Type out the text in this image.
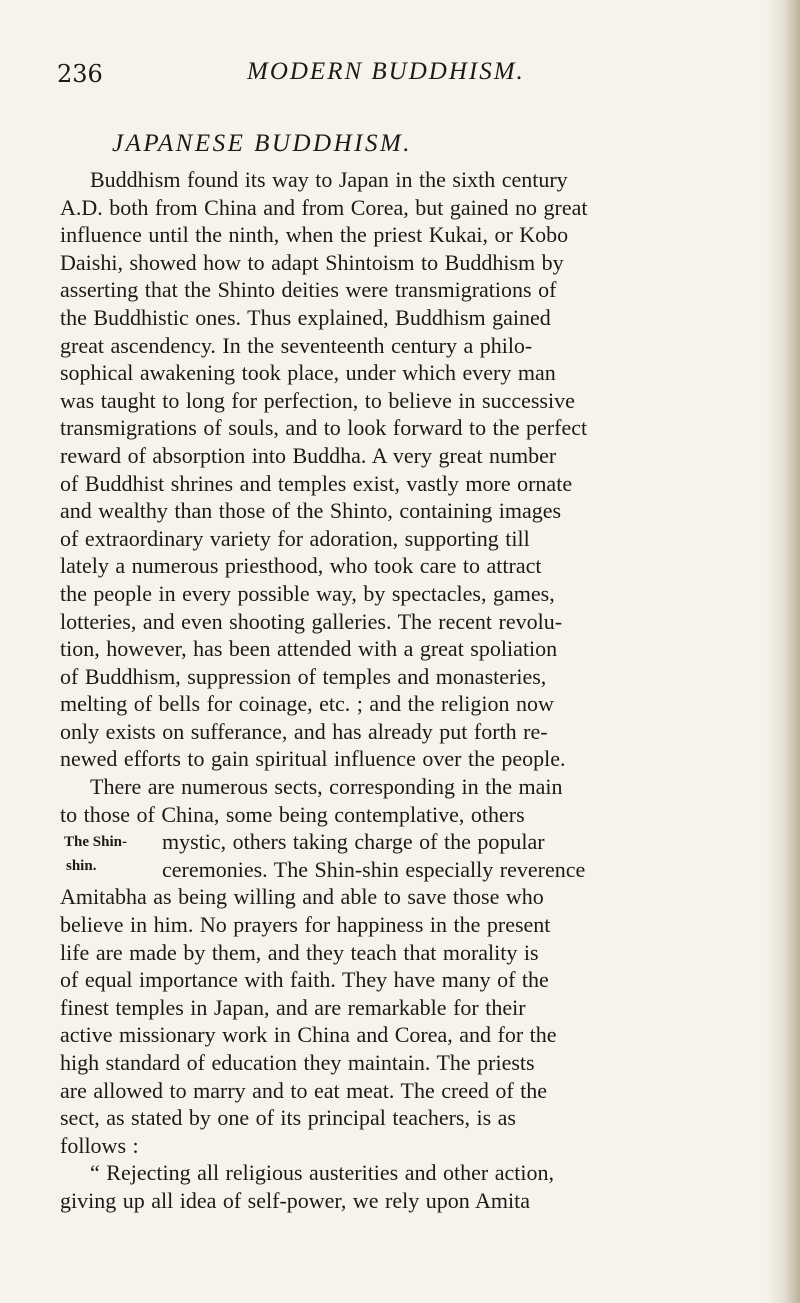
236	MODERN BUDDHISM.
JAPANESE BUDDHISM.
Buddhism found its way to Japan in the sixth century
A.D. both from China and from Corea, but gained no great
influence until the ninth, when the priest Kukai, or Kobo
Daishi, showed how to adapt Shintoism to Buddhism by
asserting that the Shinto deities were transmigrations of
the Buddhistic ones. Thus explained, Buddhism gained
great ascendency. In the seventeenth century a philo-
sophical awakening took place, under which every man
was taught to long for perfection, to believe in successive
transmigrations of souls, and to look forward to the perfect
reward of absorption into Buddha. A very great number
of Buddhist shrines and temples exist, vastly more ornate
and wealthy than those of the Shinto, containing images
of extraordinary variety for adoration, supporting till
lately a numerous priesthood, who took care to attract
the people in every possible way, by spectacles, games,
lotteries, and even shooting galleries. The recent revolu-
tion, however, has been attended with a great spoliation
of Buddhism, suppression of temples and monasteries,
melting of bells for coinage, etc. ; and the religion now
only exists on sufferance, and has already put forth re-
newed efforts to gain spiritual influence over the people.
There are numerous sects, corresponding in the main
to those of China, some being contemplative, others
mystic, others taking charge of the popular
ceremonies. The Shin-shin especially reverence
Amitabha as being willing and able to save those who
believe in him. No prayers for happiness in the present
life are made by them, and they teach that morality is
of equal importance with faith. They have many of the
finest temples in Japan, and are remarkable for their
active missionary work in China and Corea, and for the
high standard of education they maintain. The priests
are allowed to marry and to eat meat. The creed of the
sect, as stated by one of its principal teachers, is as
follows :
“ Rejecting all religious austerities and other action,
giving up all idea of self-power, we rely upon Amita
The Shin-
shin.
